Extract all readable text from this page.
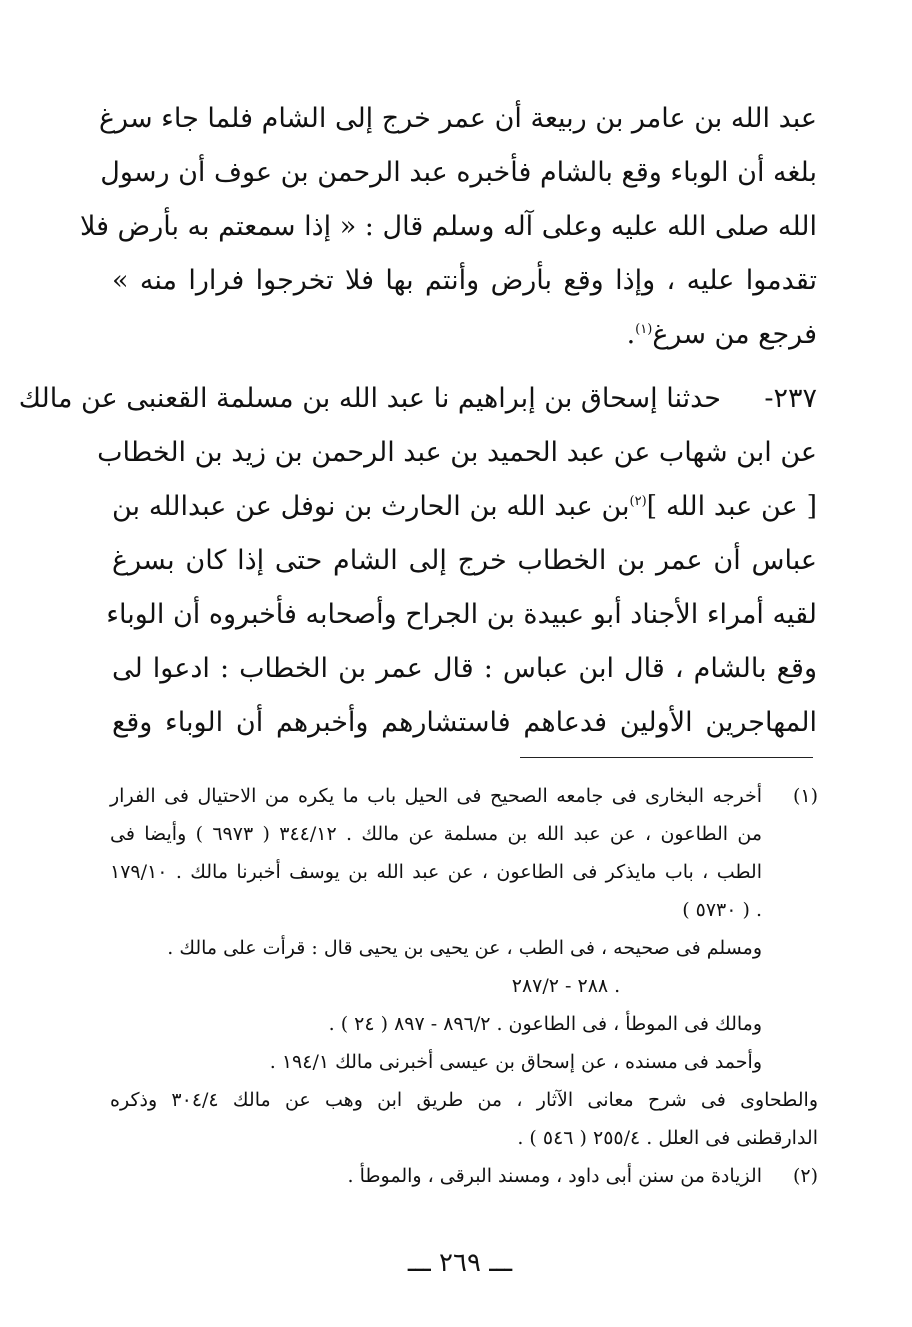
عبد الله بن عامر بن ربيعة أن عمر خرج إلى الشام فلما جاء سرغ
بلغه أن الوباء وقع بالشام فأخبره عبد الرحمن بن عوف أن رسول
الله صلى الله عليه وعلى آله وسلم قال : « إذا سمعتم به بأرض فلا
تقدموا عليه ، وإذا وقع بأرض وأنتم بها فلا تخرجوا فرارا منه »
فرجع من سرغ$^{(١)}$.
٢٣٧-
حدثنا إسحاق بن إبراهيم نا عبد الله بن مسلمة القعنبى عن مالك
عن ابن شهاب عن عبد الحميد بن عبد الرحمن بن زيد بن الخطاب
[ عن عبد الله ]$^{(٢)}$بن عبد الله بن الحارث بن نوفل عن عبدالله بن
عباس أن عمر بن الخطاب خرج إلى الشام حتى إذا كان بسرغ
لقيه أمراء الأجناد أبو عبيدة بن الجراح وأصحابه فأخبروه أن الوباء
وقع بالشام ، قال ابن عباس : قال عمر بن الخطاب : ادعوا لى
المهاجرين الأولين فدعاهم فاستشارهم وأخبرهم أن الوباء وقع
(١)
أخرجه البخارى فى جامعه الصحيح فى الحيل باب ما يكره من الاحتيال فى الفرار
من الطاعون ، عن عبد الله بن مسلمة عن مالك . ٣٤٤/١٢ ( ٦٩٧٣ ) وأيضا فى
الطب ، باب مايذكر فى الطاعون ، عن عبد الله بن يوسف أخبرنا مالك . ١٧٩/١٠
. ( ٥٧٣٠ )
ومسلم فى صحيحه ، فى الطب ، عن يحيى بن يحيى قال : قرأت على مالك .
. ٢٨٨ - ٢٨٧/٢
ومالك فى الموطأ ، فى الطاعون . ٨٩٦/٢ - ٨٩٧ ( ٢٤ ) .
وأحمد فى مسنده ، عن إسحاق بن عيسى أخبرنى مالك ١٩٤/١ .
والطحاوى فى شرح معانى الآثار ، من طريق ابن وهب عن مالك ٣٠٤/٤ وذكره
الدارقطنى فى العلل . ٢٥٥/٤ ( ٥٤٦ ) .
(٢)
الزيادة من سنن أبى داود ، ومسند البرقى ، والموطأ .
ـــ ٢٦٩ ـــ
